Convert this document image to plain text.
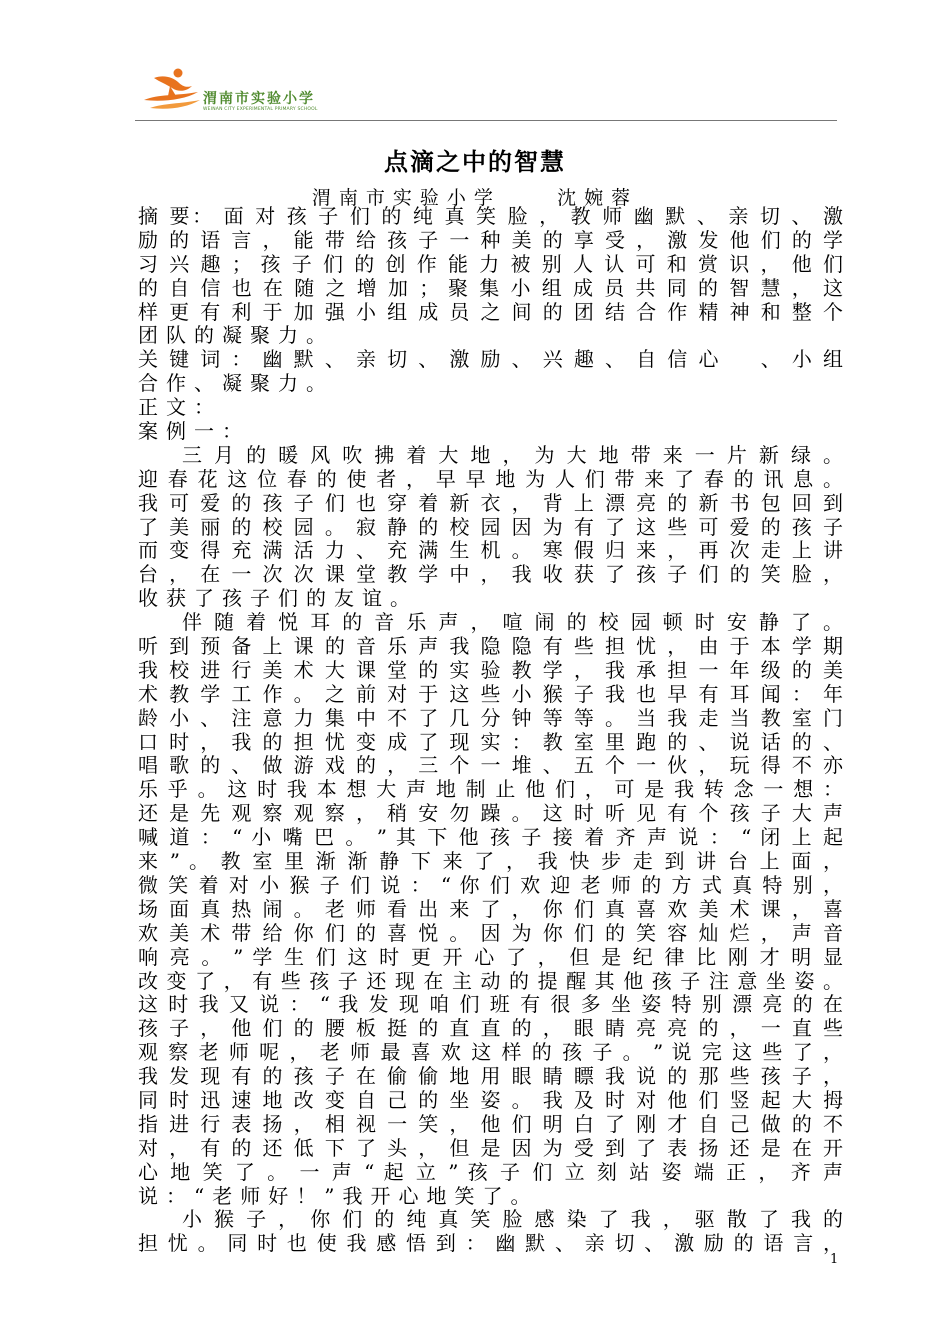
渭南市实验小学
WEINAN CITY EXPERIMENTAL PRIMARY SCHOOL
点滴之中的智慧
渭南市实验小学    沈婉蓉
摘 要： 面 对 孩 子 们 的 纯 真 笑 脸 ， 教 师 幽 默 、 亲 切 、 激
励 的 语 言 ， 能 带 给 孩 子 一 种 美 的 享 受 ， 激 发 他 们 的 学
习 兴 趣 ； 孩 子 们 的 创 作 能 力 被 别 人 认 可 和 赏 识 ， 他 们
的 自 信 也 在 随 之 增 加 ； 聚 集 小 组 成 员 共 同 的 智 慧 ， 这
样 更 有 利 于 加 强 小 组 成 员 之 间 的 团 结 合 作 精 神 和 整 个
团队的凝聚力。
关 键 词 ： 幽 默 、 亲 切 、 激 励 、 兴 趣 、 自 信 心 　 、 小 组
合作、凝聚力。
正文：
案例一：
三 月 的 暖 风 吹 拂 着 大 地 ， 为 大 地 带 来 一 片 新 绿 。
迎 春 花 这 位 春 的 使 者 ， 早 早 地 为 人 们 带 来 了 春 的 讯 息 。
我 可 爱 的 孩 子 们 也 穿 着 新 衣 ， 背 上 漂 亮 的 新 书 包 回 到
了 美 丽 的 校 园 。 寂 静 的 校 园 因 为 有 了 这 些 可 爱 的 孩 子
而 变 得 充 满 活 力 、 充 满 生 机 。 寒 假 归 来 ， 再 次 走 上 讲
台 ， 在 一 次 次 课 堂 教 学 中 ， 我 收 获 了 孩 子 们 的 笑 脸 ，
收获了孩子们的友谊。
伴 随 着 悦 耳 的 音 乐 声 ， 喧 闹 的 校 园 顿 时 安 静 了 。
听 到 预 备 上 课 的 音 乐 声 我 隐 隐 有 些 担 忧 ， 由 于 本 学 期
我 校 进 行 美 术 大 课 堂 的 实 验 教 学 ， 我 承 担 一 年 级 的 美
术 教 学 工 作 。 之 前 对 于 这 些 小 猴 子 我 也 早 有 耳 闻 ： 年
龄 小 、 注 意 力 集 中 不 了 几 分 钟 等 等 。 当 我 走 当 教 室 门
口 时 ， 我 的 担 忧 变 成 了 现 实 ： 教 室 里 跑 的 、 说 话 的 、
唱 歌 的 、 做 游 戏 的 ， 三 个 一 堆 、 五 个 一 伙 ， 玩 得 不 亦
乐 乎 。 这 时 我 本 想 大 声 地 制 止 他 们 ， 可 是 我 转 念 一 想 ：
还 是 先 观 察 观 察 ， 稍 安 勿 躁 。 这 时 听 见 有 个 孩 子 大 声
喊 道 ： “ 小 嘴 巴 。 ” 其 下 他 孩 子 接 着 齐 声 说 ： “ 闭 上 起
来 ” 。 教 室 里 渐 渐 静 下 来 了 ， 我 快 步 走 到 讲 台 上 面 ，
微 笑 着 对 小 猴 子 们 说 ： “ 你 们 欢 迎 老 师 的 方 式 真 特 别 ，
场 面 真 热 闹 。 老 师 看 出 来 了 ， 你 们 真 喜 欢 美 术 课 ， 喜
欢 美 术 带 给 你 们 的 喜 悦 。 因 为 你 们 的 笑 容 灿 烂 ， 声 音
响 亮 。 ” 学 生 们 这 时 更 开 心 了 ， 但 是 纪 律 比 刚 才 明 显
改 变 了 ， 有 些 孩 子 还 现 在 主 动 的 提 醒 其 他 孩 子 注 意 坐 姿 。
这 时 我 又 说 ： “ 我 发 现 咱 们 班 有 很 多 坐 姿 特 别 漂 亮 的 在
孩 子 ， 他 们 的 腰 板 挺 的 直 直 的 ， 眼 睛 亮 亮 的 ， 一 直 些
观 察 老 师 呢 ， 老 师 最 喜 欢 这 样 的 孩 子 。 ” 说 完 这 些 了 ，
我 发 现 有 的 孩 子 在 偷 偷 地 用 眼 睛 瞟 我 说 的 那 些 孩 子 ，
同 时 迅 速 地 改 变 自 己 的 坐 姿 。 我 及 时 对 他 们 竖 起 大 拇
指 进 行 表 扬 ， 相 视 一 笑 ， 他 们 明 白 了 刚 才 自 己 做 的 不
对 ， 有 的 还 低 下 了 头 ， 但 是 因 为 受 到 了 表 扬 还 是 在 开
心 地 笑 了 。 一 声 “ 起 立 ” 孩 子 们 立 刻 站 姿 端 正 ， 齐 声
说：“老师好！”我开心地笑了。
小 猴 子 ， 你 们 的 纯 真 笑 脸 感 染 了 我 ， 驱 散 了 我 的
担 忧 。 同 时 也 使 我 感 悟 到 ： 幽 默 、 亲 切 、 激 励 的 语 言 ，
1
